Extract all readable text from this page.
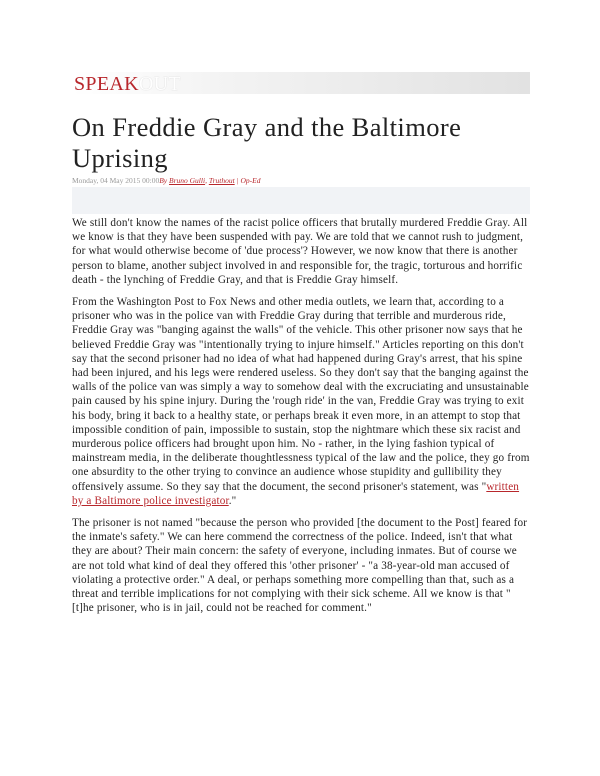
SPEAKOUT
On Freddie Gray and the Baltimore Uprising
Monday, 04 May 2015 00:00By Bruno Gulli, Truthout | Op-Ed

We still don't know the names of the racist police officers that brutally murdered Freddie Gray. All we know is that they have been suspended with pay. We are told that we cannot rush to judgment, for what would otherwise become of 'due process'? However, we now know that there is another person to blame, another subject involved in and responsible for, the tragic, torturous and horrific death - the lynching of Freddie Gray, and that is Freddie Gray himself.

From the Washington Post to Fox News and other media outlets, we learn that, according to a prisoner who was in the police van with Freddie Gray during that terrible and murderous ride, Freddie Gray was "banging against the walls" of the vehicle. This other prisoner now says that he believed Freddie Gray was "intentionally trying to injure himself." Articles reporting on this don't say that the second prisoner had no idea of what had happened during Gray's arrest, that his spine had been injured, and his legs were rendered useless. So they don't say that the banging against the walls of the police van was simply a way to somehow deal with the excruciating and unsustainable pain caused by his spine injury. During the 'rough ride' in the van, Freddie Gray was trying to exit his body, bring it back to a healthy state, or perhaps break it even more, in an attempt to stop that impossible condition of pain, impossible to sustain, stop the nightmare which these six racist and murderous police officers had brought upon him. No - rather, in the lying fashion typical of mainstream media, in the deliberate thoughtlessness typical of the law and the police, they go from one absurdity to the other trying to convince an audience whose stupidity and gullibility they offensively assume. So they say that the document, the second prisoner's statement, was "written by a Baltimore police investigator."

The prisoner is not named "because the person who provided [the document to the Post] feared for the inmate's safety." We can here commend the correctness of the police. Indeed, isn't that what they are about? Their main concern: the safety of everyone, including inmates. But of course we are not told what kind of deal they offered this 'other prisoner' - "a 38-year-old man accused of violating a protective order." A deal, or perhaps something more compelling than that, such as a threat and terrible implications for not complying with their sick scheme. All we know is that "[t]he prisoner, who is in jail, could not be reached for comment."
